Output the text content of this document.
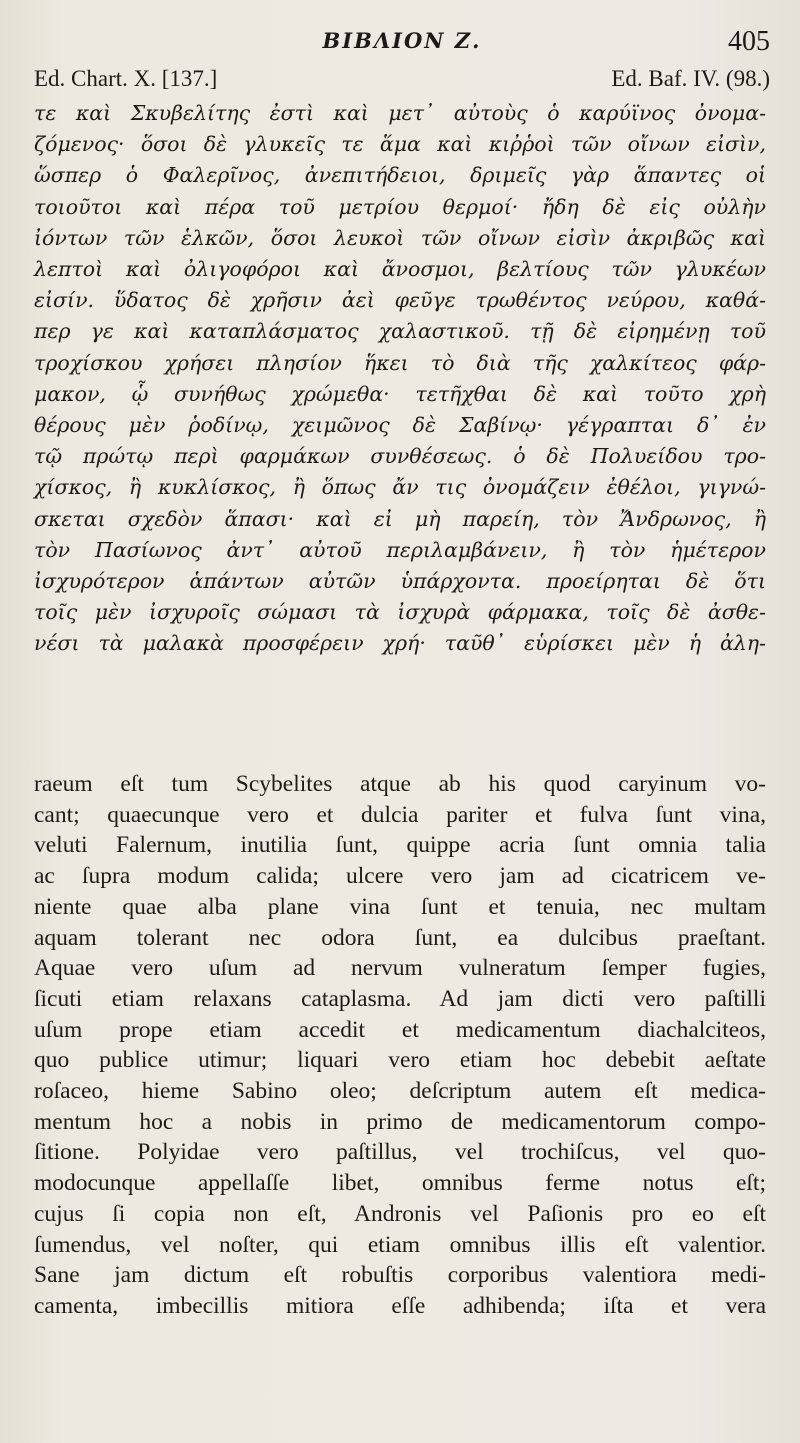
BIBΛΙΟΝ Ζ.	405
Ed. Chart. X. [137.]	Ed. Baf. IV. (98.)
τε καὶ Σκυβελίτης ἐστὶ καὶ μετ᾽ αὐτοὺς ὁ καρύϊνος ὀνομα-
ζόμενος· ὅσοι δὲ γλυκεῖς τε ἅμα καὶ κιῤῥοὶ τῶν οἴνων εἰσὶν,
ὥσπερ ὁ Φαλερῖνος, ἀνεπιτήδειοι, δριμεῖς γὰρ ἅπαντες οἱ
τοιοῦτοι καὶ πέρα τοῦ μετρίου θερμοί· ἤδη δὲ εἰς οὐλὴν
ἰόντων τῶν ἑλκῶν, ὅσοι λευκοὶ τῶν οἴνων εἰσὶν ἀκριβῶς καὶ
λεπτοὶ καὶ ὀλιγοφόροι καὶ ἄνοσμοι, βελτίους τῶν γλυκέων
εἰσίν. ὕδατος δὲ χρῆσιν ἀεὶ φεῦγε τρωθέντος νεύρου, καθά-
περ γε καὶ καταπλάσματος χαλαστικοῦ. τῇ δὲ εἰρημένῃ τοῦ
τροχίσκου χρήσει πλησίον ἥκει τὸ διὰ τῆς χαλκίτεος φάρ-
μακον, ᾧ συνήθως χρώμεθα· τετῆχθαι δὲ καὶ τοῦτο χρὴ
θέρους μὲν ῥοδίνῳ, χειμῶνος δὲ Σαβίνῳ· γέγραπται δ᾽ ἐν
τῷ πρώτῳ περὶ φαρμάκων συνθέσεως. ὁ δὲ Πολυείδου τρο-
χίσκος, ἢ κυκλίσκος, ἢ ὅπως ἄν τις ὀνομάζειν ἐθέλοι, γιγνώ-
σκεται σχεδὸν ἅπασι· καὶ εἰ μὴ παρείη, τὸν Ἄνδρωνος, ἢ
τὸν Πασίωνος ἀντ᾽ αὐτοῦ περιλαμβάνειν, ἢ τὸν ἡμέτερον
ἰσχυρότερον ἁπάντων αὐτῶν ὑπάρχοντα. προείρηται δὲ ὅτι
τοῖς μὲν ἰσχυροῖς σώμασι τὰ ἰσχυρὰ φάρμακα, τοῖς δὲ ἀσθε-
νέσι τὰ μαλακὰ προσφέρειν χρή· ταῦθ᾽ εὑρίσκει μὲν ἡ ἀλη-
raeum eſt tum Scybelites atque ab his quod caryinum vo-
cant; quaecunque vero et dulcia pariter et fulva ſunt vina,
veluti Falernum, inutilia ſunt, quippe acria ſunt omnia talia
ac ſupra modum calida; ulcere vero jam ad cicatricem ve-
niente quae alba plane vina ſunt et tenuia, nec multam
aquam tolerant nec odora ſunt, ea dulcibus praeſtant.
Aquae vero uſum ad nervum vulneratum ſemper fugies,
ſicuti etiam relaxans cataplasma. Ad jam dicti vero paſtilli
uſum prope etiam accedit et medicamentum diachalciteos,
quo publice utimur; liquari vero etiam hoc debebit aeſtate
roſaceo, hieme Sabino oleo; deſcriptum autem eſt medica-
mentum hoc a nobis in primo de medicamentorum compo-
ſitione. Polyidae vero paſtillus, vel trochiſcus, vel quo-
modocunque appellaſſe libet, omnibus ferme notus eſt;
cujus ſi copia non eſt, Andronis vel Paſionis pro eo eſt
ſumendus, vel noſter, qui etiam omnibus illis eſt valentior.
Sane jam dictum eſt robuſtis corporibus valentiora medi-
camenta, imbecillis mitiora eſſe adhibenda; iſta et vera
